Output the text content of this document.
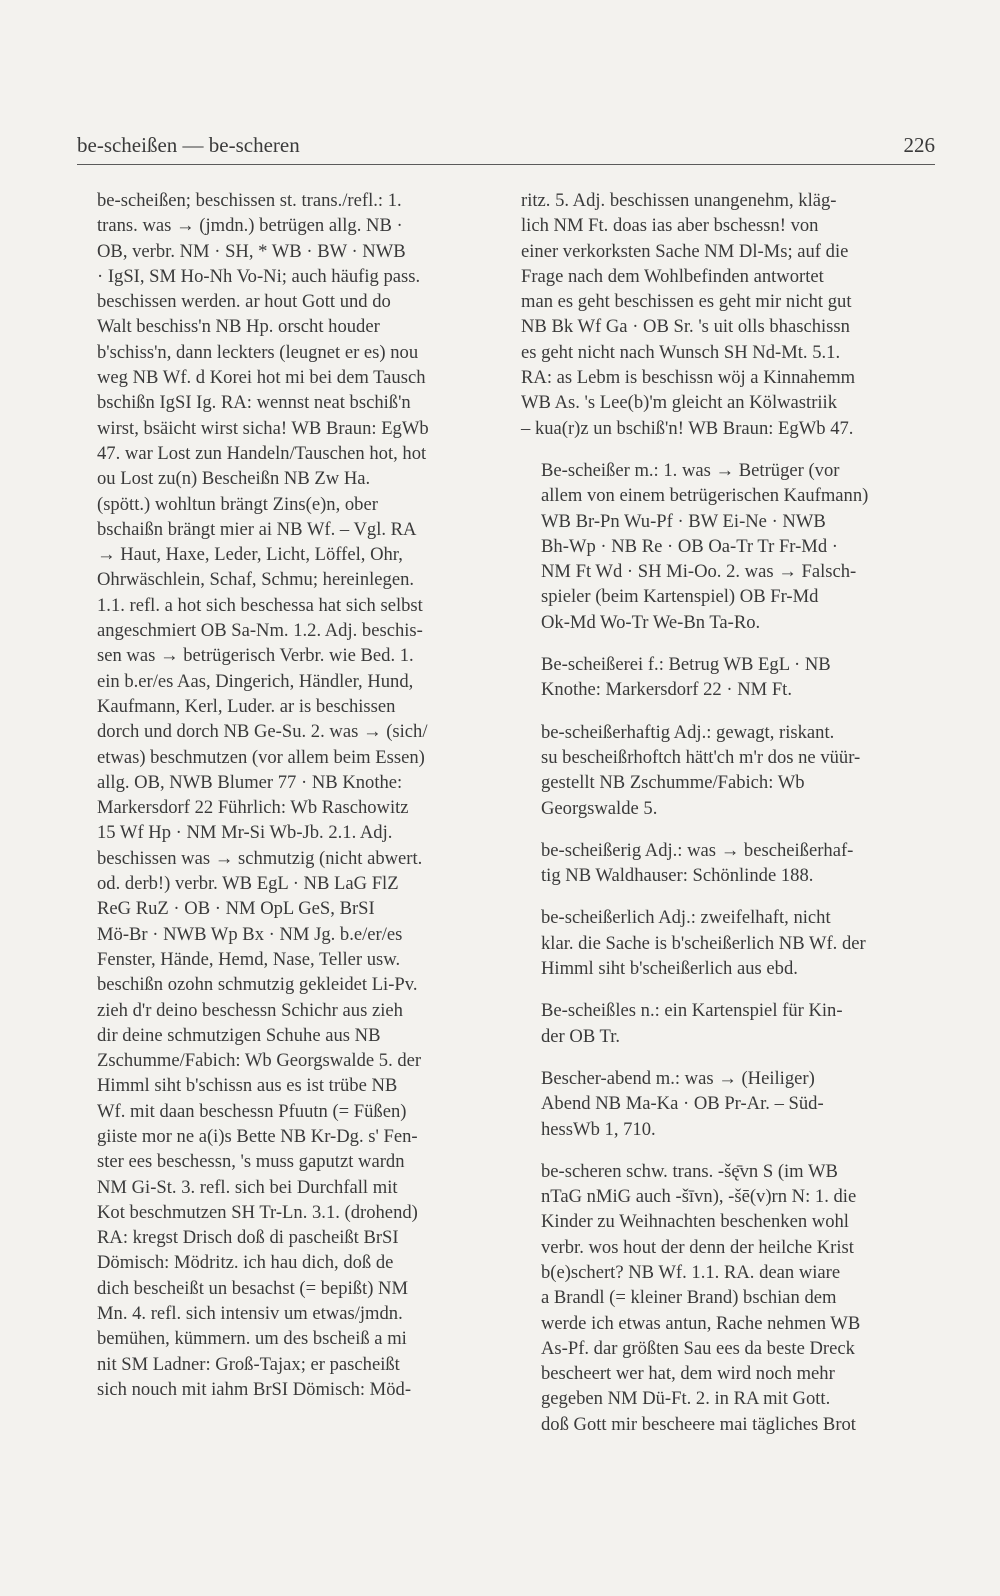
be-scheißen — be-scheren	226

be-scheißen; beschissen st. trans./refl.: 1.
trans. was → (jmdn.) betrügen allg. NB ·
OB, verbr. NM · SH, * WB · BW · NWB
· IgSI, SM Ho-Nh Vo-Ni; auch häufig pass.
beschissen werden. ar hout Gott und do
Walt beschiss'n NB Hp. orscht houder
b'schiss'n, dann leckters (leugnet er es) nou
weg NB Wf. d Korei hot mi bei dem Tausch
bschißn IgSI Ig. RA: wennst neat bschiß'n
wirst, bsäicht wirst sicha! WB Braun: EgWb
47. war Lost zun Handeln/Tauschen hot, hot
ou Lost zu(n) Bescheißn NB Zw Ha.
(spött.) wohltun brängt Zins(e)n, ober
bschaißn brängt mier ai NB Wf. – Vgl. RA
→ Haut, Haxe, Leder, Licht, Löffel, Ohr,
Ohrwäschlein, Schaf, Schmu; hereinlegen.
1.1. refl. a hot sich beschessa hat sich selbst
angeschmiert OB Sa-Nm. 1.2. Adj. beschis-
sen was → betrügerisch Verbr. wie Bed. 1.
ein b.er/es Aas, Dingerich, Händler, Hund,
Kaufmann, Kerl, Luder. ar is beschissen
dorch und dorch NB Ge-Su. 2. was → (sich/
etwas) beschmutzen (vor allem beim Essen)
allg. OB, NWB Blumer 77 · NB Knothe:
Markersdorf 22 Führlich: Wb Raschowitz
15 Wf Hp · NM Mr-Si Wb-Jb. 2.1. Adj.
beschissen was → schmutzig (nicht abwert.
od. derb!) verbr. WB EgL · NB LaG FlZ
ReG RuZ · OB · NM OpL GeS, BrSI
Mö-Br · NWB Wp Bx · NM Jg. b.e/er/es
Fenster, Hände, Hemd, Nase, Teller usw.
beschißn ozohn schmutzig gekleidet Li-Pv.
zieh d'r deino beschessn Schichr aus zieh
dir deine schmutzigen Schuhe aus NB
Zschumme/Fabich: Wb Georgswalde 5. der
Himml siht b'schissn aus es ist trübe NB
Wf. mit daan beschessn Pfuutn (= Füßen)
giiste mor ne a(i)s Bette NB Kr-Dg. s' Fen-
ster ees beschessn, 's muss gaputzt wardn
NM Gi-St. 3. refl. sich bei Durchfall mit
Kot beschmutzen SH Tr-Ln. 3.1. (drohend)
RA: kregst Drisch doß di pascheißt BrSI
Dömisch: Mödritz. ich hau dich, doß de
dich bescheißt un besachst (= bepißt) NM
Mn. 4. refl. sich intensiv um etwas/jmdn.
bemühen, kümmern. um des bscheiß a mi
nit SM Ladner: Groß-Tajax; er pascheißt
sich nouch mit iahm BrSI Dömisch: Möd-

ritz. 5. Adj. beschissen unangenehm, kläg-
lich NM Ft. doas ias aber bschessn! von
einer verkorksten Sache NM Dl-Ms; auf die
Frage nach dem Wohlbefinden antwortet
man es geht beschissen es geht mir nicht gut
NB Bk Wf Ga · OB Sr. 's uit olls bhaschissn
es geht nicht nach Wunsch SH Nd-Mt. 5.1.
RA: as Lebm is beschissn wöj a Kinnahemm
WB As. 's Lee(b)'m gleicht an Kölwastriik
– kua(r)z un bschiß'n! WB Braun: EgWb 47.

Be-scheißer m.: 1. was → Betrüger (vor
allem von einem betrügerischen Kaufmann)
WB Br-Pn Wu-Pf · BW Ei-Ne · NWB
Bh-Wp · NB Re · OB Oa-Tr Tr Fr-Md ·
NM Ft Wd · SH Mi-Oo. 2. was → Falsch-
spieler (beim Kartenspiel) OB Fr-Md
Ok-Md Wo-Tr We-Bn Ta-Ro.

Be-scheißerei f.: Betrug WB EgL · NB
Knothe: Markersdorf 22 · NM Ft.

be-scheißerhaftig Adj.: gewagt, riskant.
su bescheißrhoftch hätt'ch m'r dos ne vüür-
gestellt NB Zschumme/Fabich: Wb
Georgswalde 5.

be-scheißerig Adj.: was → bescheißerhaf-
tig NB Waldhauser: Schönlinde 188.

be-scheißerlich Adj.: zweifelhaft, nicht
klar. die Sache is b'scheißerlich NB Wf. der
Himml siht b'scheißerlich aus ebd.

Be-scheißles n.: ein Kartenspiel für Kin-
der OB Tr.

Bescher-abend m.: was → (Heiliger)
Abend NB Ma-Ka · OB Pr-Ar. – Süd-
hessWb 1, 710.

be-scheren schw. trans. -šę̄vn S (im WB
nTaG nMiG auch -šīvn), -šē(v)rn N: 1. die
Kinder zu Weihnachten beschenken wohl
verbr. wos hout der denn der heilche Krist
b(e)schert? NB Wf. 1.1. RA. dean wiare
a Brandl (= kleiner Brand) bschian dem
werde ich etwas antun, Rache nehmen WB
As-Pf. dar größten Sau ees da beste Dreck
bescheert wer hat, dem wird noch mehr
gegeben NM Dü-Ft. 2. in RA mit Gott.
doß Gott mir bescheere mai tägliches Brot
